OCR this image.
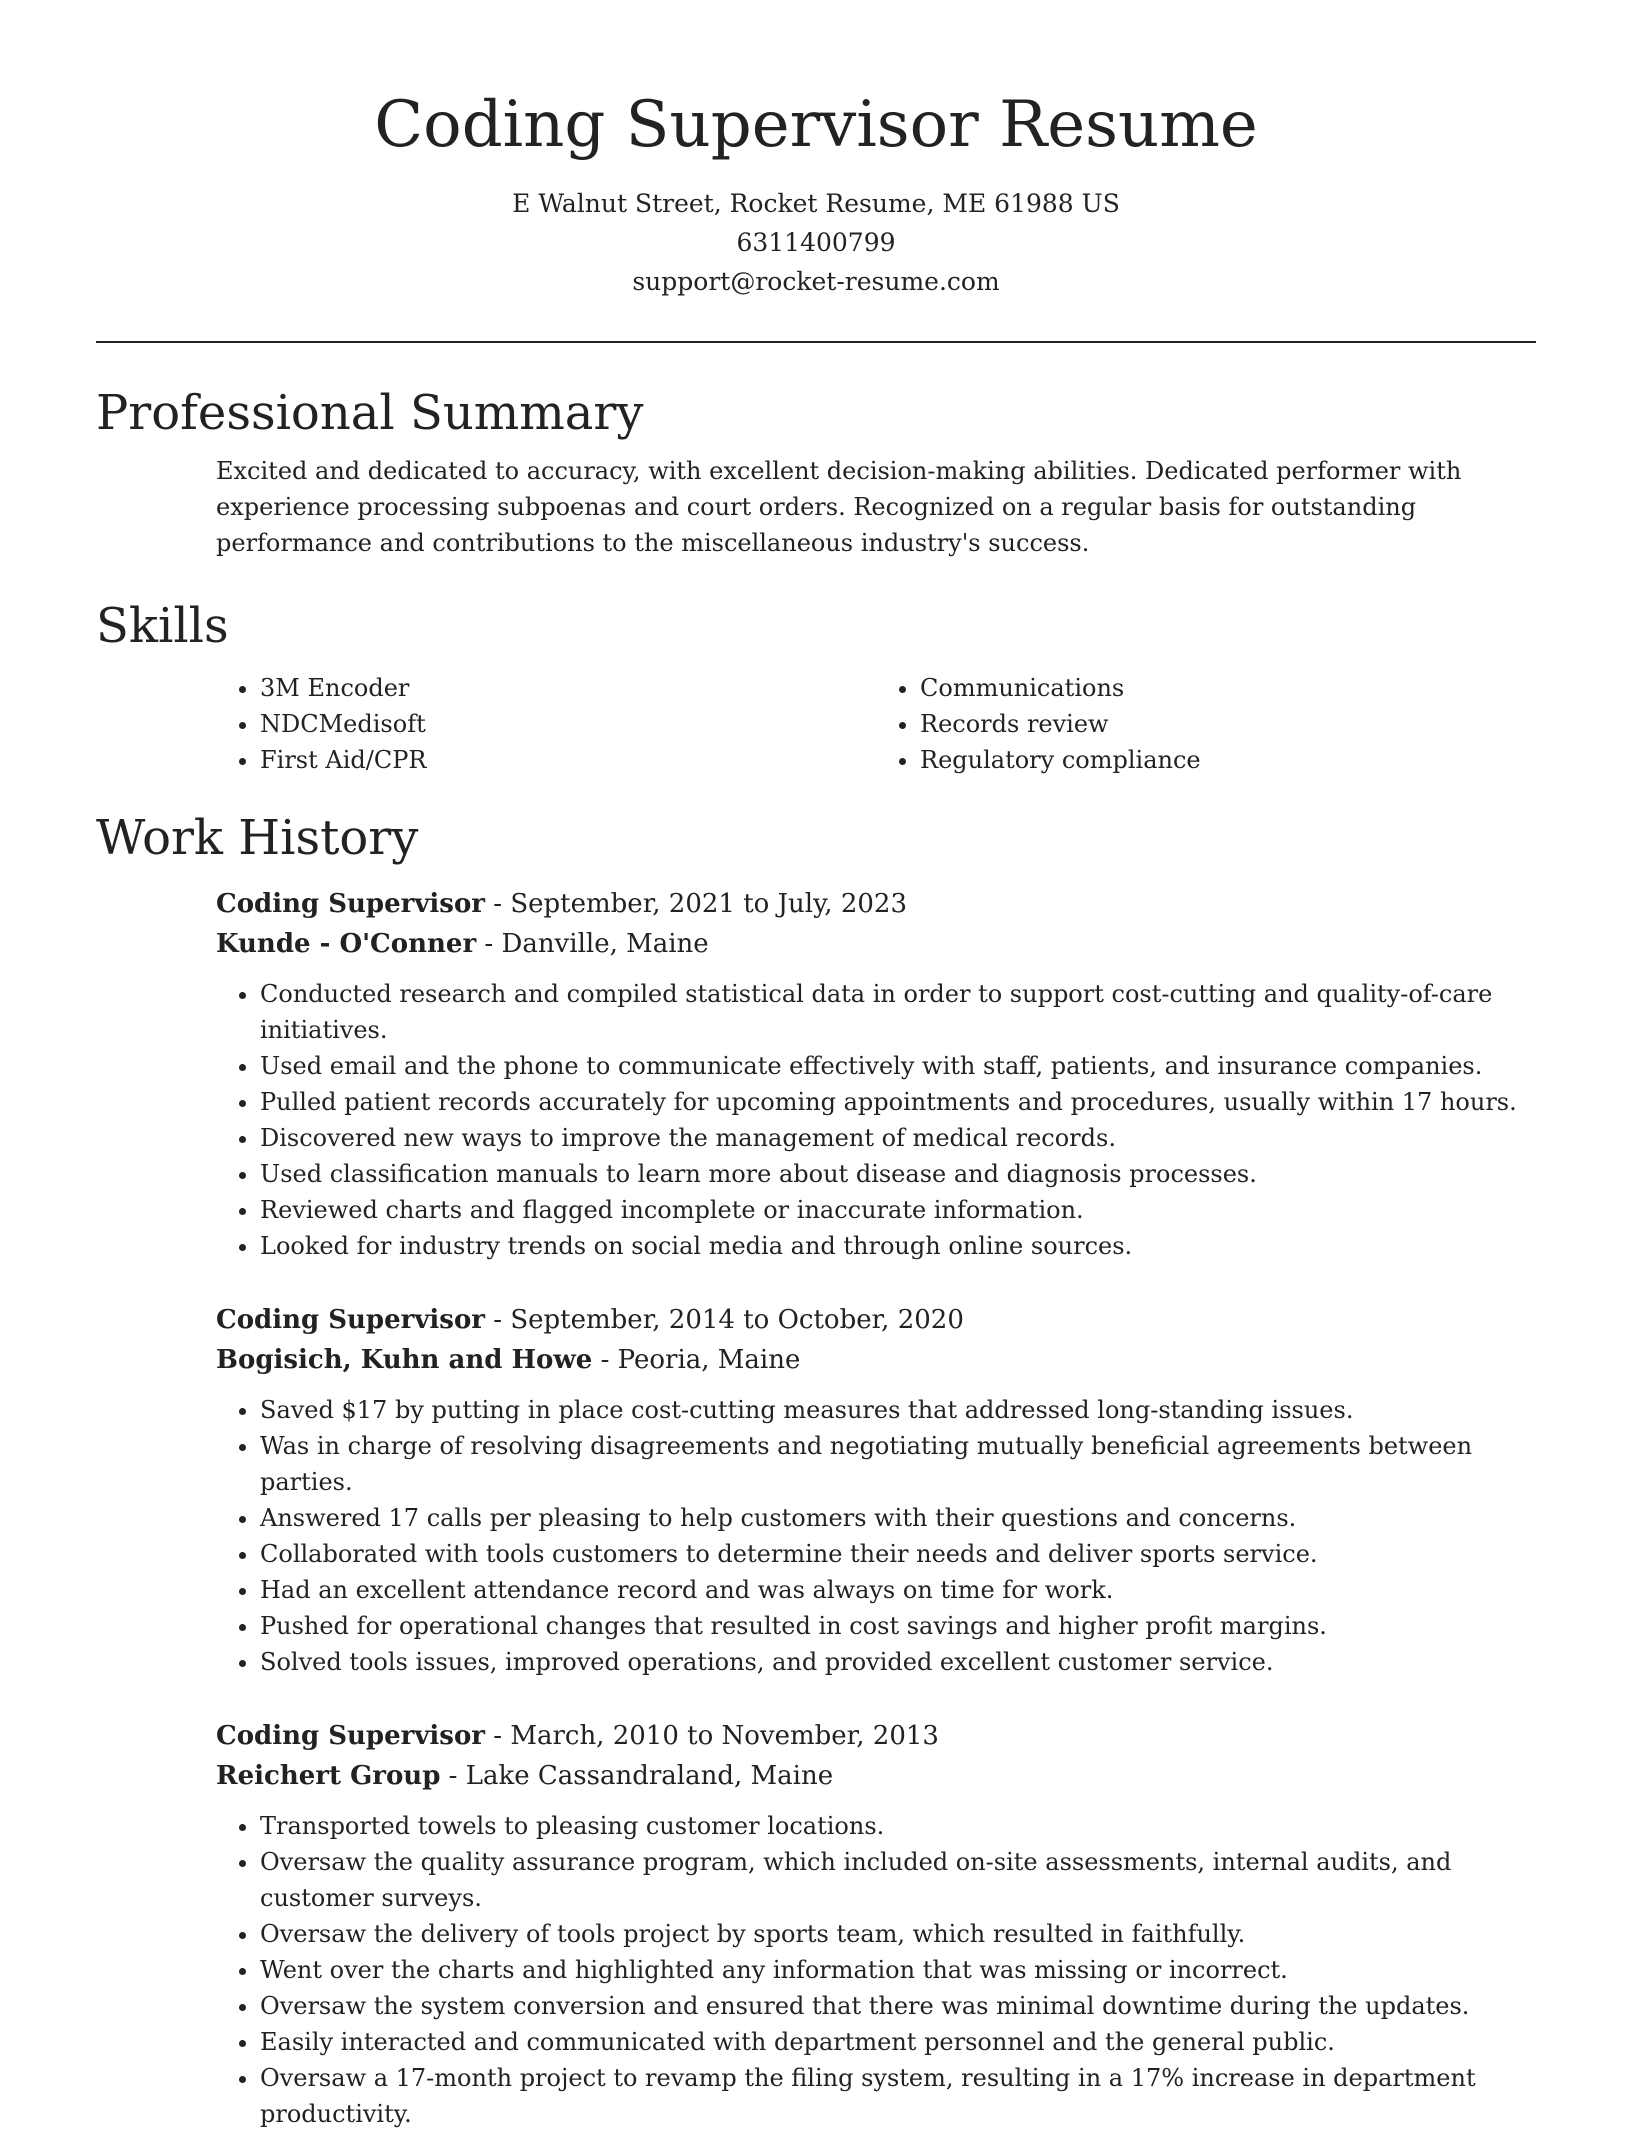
Coding Supervisor Resume

E Walnut Street, Rocket Resume, ME 61988 US

6311400799

support@rocket-resume.com

Professional Summary
Excited and dedicated to accuracy, with excellent decision-making abilities. Dedicated performer with experience processing subpoenas and court orders. Recognized on a regular basis for outstanding performance and contributions to the miscellaneous industry's success.
Skills
• 3M Encoder
• NDCMedisoft
• First Aid/CPR
• Communications
• Records review
• Regulatory compliance
Work History

Coding Supervisor - September, 2021 to July, 2023

Kunde - O'Conner - Danville, Maine

• Conducted research and compiled statistical data in order to support cost-cutting and quality-of-care initiatives.
• Used email and the phone to communicate effectively with staff, patients, and insurance companies.
• Pulled patient records accurately for upcoming appointments and procedures, usually within 17 hours.
• Discovered new ways to improve the management of medical records.
• Used classification manuals to learn more about disease and diagnosis processes.
• Reviewed charts and flagged incomplete or inaccurate information.
• Looked for industry trends on social media and through online sources.

Coding Supervisor - September, 2014 to October, 2020

Bogisich, Kuhn and Howe - Peoria, Maine

• Saved $17 by putting in place cost-cutting measures that addressed long-standing issues.
• Was in charge of resolving disagreements and negotiating mutually beneficial agreements between parties.
• Answered 17 calls per pleasing to help customers with their questions and concerns.
• Collaborated with tools customers to determine their needs and deliver sports service.
• Had an excellent attendance record and was always on time for work.
• Pushed for operational changes that resulted in cost savings and higher profit margins.
• Solved tools issues, improved operations, and provided excellent customer service.

Coding Supervisor - March, 2010 to November, 2013

Reichert Group - Lake Cassandraland, Maine

• Transported towels to pleasing customer locations.
• Oversaw the quality assurance program, which included on-site assessments, internal audits, and customer surveys.
• Oversaw the delivery of tools project by sports team, which resulted in faithfully.
• Went over the charts and highlighted any information that was missing or incorrect.
• Oversaw the system conversion and ensured that there was minimal downtime during the updates.
• Easily interacted and communicated with department personnel and the general public.
• Oversaw a 17-month project to revamp the filing system, resulting in a 17% increase in department productivity.
